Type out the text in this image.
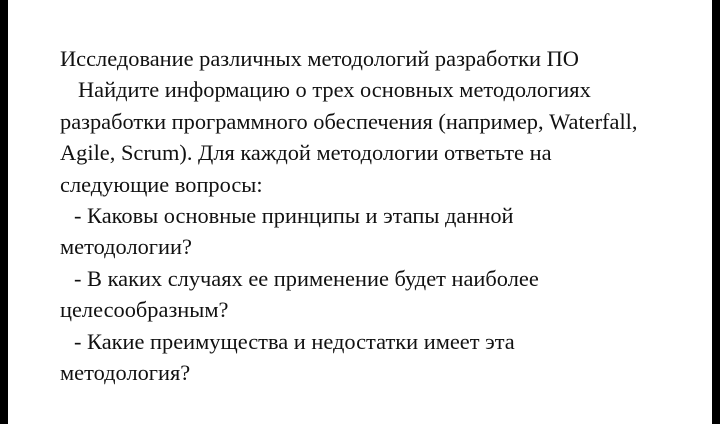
Исследование различных методологий разработки ПО
Найдите информацию о трех основных методологиях
разработки программного обеспечения (например, Waterfall,
Agile, Scrum). Для каждой методологии ответьте на
следующие вопросы:
- Каковы основные принципы и этапы данной
методологии?
- В каких случаях ее применение будет наиболее
целесообразным?
- Какие преимущества и недостатки имеет эта
методология?
